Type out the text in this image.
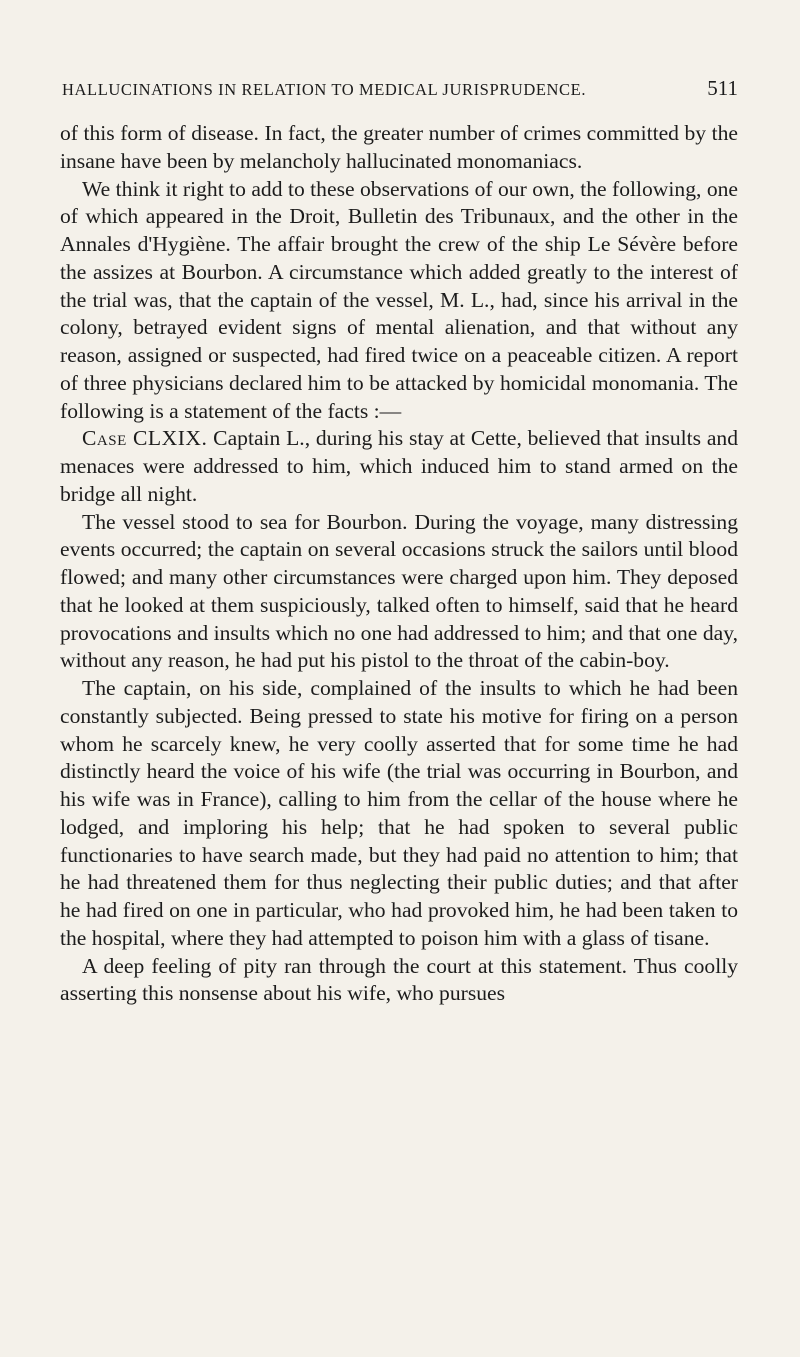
HALLUCINATIONS IN RELATION TO MEDICAL JURISPRUDENCE.	511

of this form of disease. In fact, the greater number of crimes committed by the insane have been by melancholy hallucinated monomaniacs.

We think it right to add to these observations of our own, the following, one of which appeared in the Droit, Bulletin des Tribunaux, and the other in the Annales d'Hygiène. The affair brought the crew of the ship Le Sévère before the assizes at Bourbon. A circumstance which added greatly to the interest of the trial was, that the captain of the vessel, M. L., had, since his arrival in the colony, betrayed evident signs of mental alienation, and that without any reason, assigned or suspected, had fired twice on a peaceable citizen. A report of three physicians declared him to be attacked by homicidal monomania. The following is a statement of the facts :—

Case CLXIX. Captain L., during his stay at Cette, believed that insults and menaces were addressed to him, which induced him to stand armed on the bridge all night.

The vessel stood to sea for Bourbon. During the voyage, many distressing events occurred; the captain on several occasions struck the sailors until blood flowed; and many other circumstances were charged upon him. They deposed that he looked at them suspiciously, talked often to himself, said that he heard provocations and insults which no one had addressed to him; and that one day, without any reason, he had put his pistol to the throat of the cabin-boy.

The captain, on his side, complained of the insults to which he had been constantly subjected. Being pressed to state his motive for firing on a person whom he scarcely knew, he very coolly asserted that for some time he had distinctly heard the voice of his wife (the trial was occurring in Bourbon, and his wife was in France), calling to him from the cellar of the house where he lodged, and imploring his help; that he had spoken to several public functionaries to have search made, but they had paid no attention to him; that he had threatened them for thus neglecting their public duties; and that after he had fired on one in particular, who had provoked him, he had been taken to the hospital, where they had attempted to poison him with a glass of tisane.

A deep feeling of pity ran through the court at this statement. Thus coolly asserting this nonsense about his wife, who pursues
